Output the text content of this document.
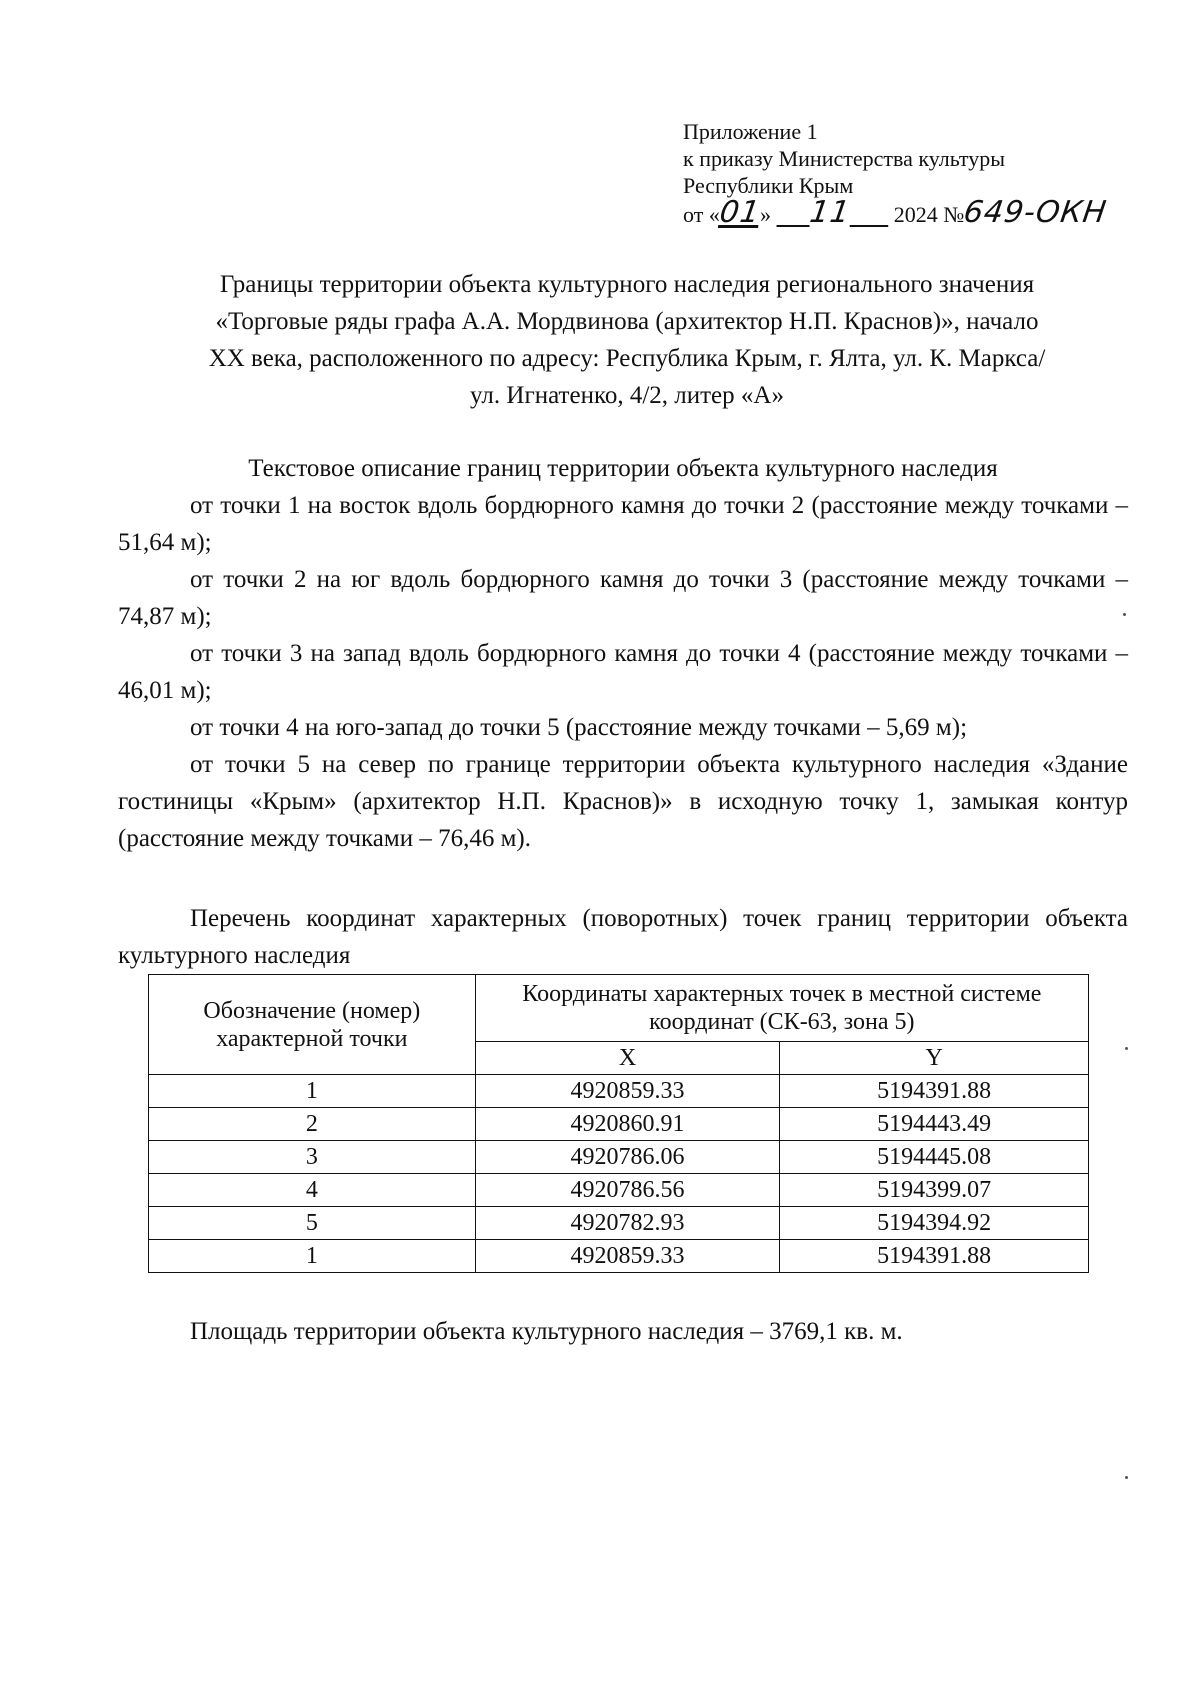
Приложение 1
к приказу Министерства культуры
Республики Крым
от «01» 11 2024 №649-ОКН
Границы территории объекта культурного наследия регионального значения
«Торговые ряды графа А.А. Мордвинова (архитектор Н.П. Краснов)», начало
XX века, расположенного по адресу: Республика Крым, г. Ялта, ул. К. Маркса/
ул. Игнатенко, 4/2, литер «А»
Текстовое описание границ территории объекта культурного наследия

от точки 1 на восток вдоль бордюрного камня до точки 2 (расстояние между точками – 51,64 м);

от точки 2 на юг вдоль бордюрного камня до точки 3 (расстояние между точками – 74,87 м);

от точки 3 на запад вдоль бордюрного камня до точки 4 (расстояние между точками – 46,01 м);

от точки 4 на юго-запад до точки 5 (расстояние между точками – 5,69 м);

от точки 5 на север по границе территории объекта культурного наследия «Здание гостиницы «Крым» (архитектор Н.П. Краснов)» в исходную точку 1, замыкая контур (расстояние между точками – 76,46 м).

Перечень координат характерных (поворотных) точек границ территории объекта культурного наследия
Обозначение (номер) характерной точки	Координаты характерных точек в местной системе координат (СК-63, зона 5)	
	X	Y
1	4920859.33	5194391.88
2	4920860.91	5194443.49
3	4920786.06	5194445.08
4	4920786.56	5194399.07
5	4920782.93	5194394.92
1	4920859.33	5194391.88
Площадь территории объекта культурного наследия – 3769,1 кв. м.
